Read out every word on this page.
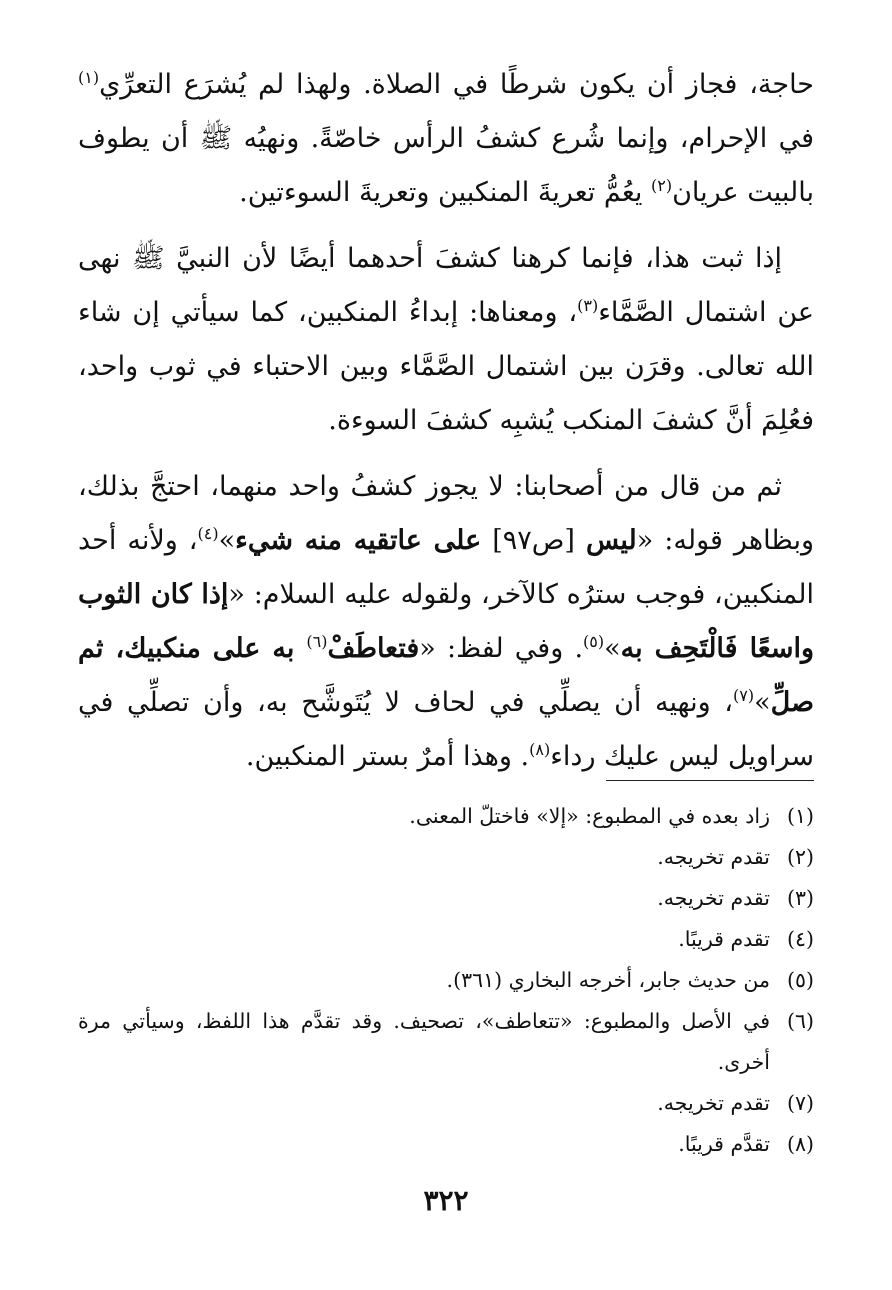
حاجة، فجاز أن يكون شرطًا في الصلاة. ولهذا لم يُشرَع التعرِّي$^{(١)}$ في الإحرام، وإنما شُرع كشفُ الرأس خاصّةً. ونهيُه ﷺ أن يطوف بالبيت عريان$^{(٢)}$ يعُمُّ تعريةَ المنكبين وتعريةَ السوءتين.

إذا ثبت هذا، فإنما كرهنا كشفَ أحدهما أيضًا لأن النبيَّ ﷺ نهى عن اشتمال الصَّمَّاء$^{(٣)}$، ومعناها: إبداءُ المنكبين، كما سيأتي إن شاء الله تعالى. وقرَن بين اشتمال الصَّمَّاء وبين الاحتباء في ثوب واحد، فعُلِمَ أنَّ كشفَ المنكب يُشبِه كشفَ السوءة.

ثم من قال من أصحابنا: لا يجوز كشفُ واحد منهما، احتجَّ بذلك، وبظاهر قوله: «ليس [ص٩٧] على عاتقيه منه شيء»$^{(٤)}$، ولأنه أحد المنكبين، فوجب سترُه كالآخر، ولقوله عليه السلام: «إذا كان الثوب واسعًا فَالْتَحِف به»$^{(٥)}$. وفي لفظ: «فتعاطَفْ$^{(٦)}$ به على منكبيك، ثم صلِّ»$^{(٧)}$، ونهيه أن يصلِّي في لحاف لا يُتَوشَّح به، وأن تصلِّي في سراويل ليس عليك رداء$^{(٨)}$. وهذا أمرٌ بستر المنكبين.

(١)
زاد بعده في المطبوع: «إلا» فاختلّ المعنى.
(٢)
تقدم تخريجه.
(٣)
تقدم تخريجه.
(٤)
تقدم قريبًا.
(٥)
من حديث جابر، أخرجه البخاري (٣٦١).
(٦)
في الأصل والمطبوع: «تتعاطف»، تصحيف. وقد تقدَّم هذا اللفظ، وسيأتي مرة أخرى.
(٧)
تقدم تخريجه.
(٨)
تقدَّم قريبًا.
٣٢٢
